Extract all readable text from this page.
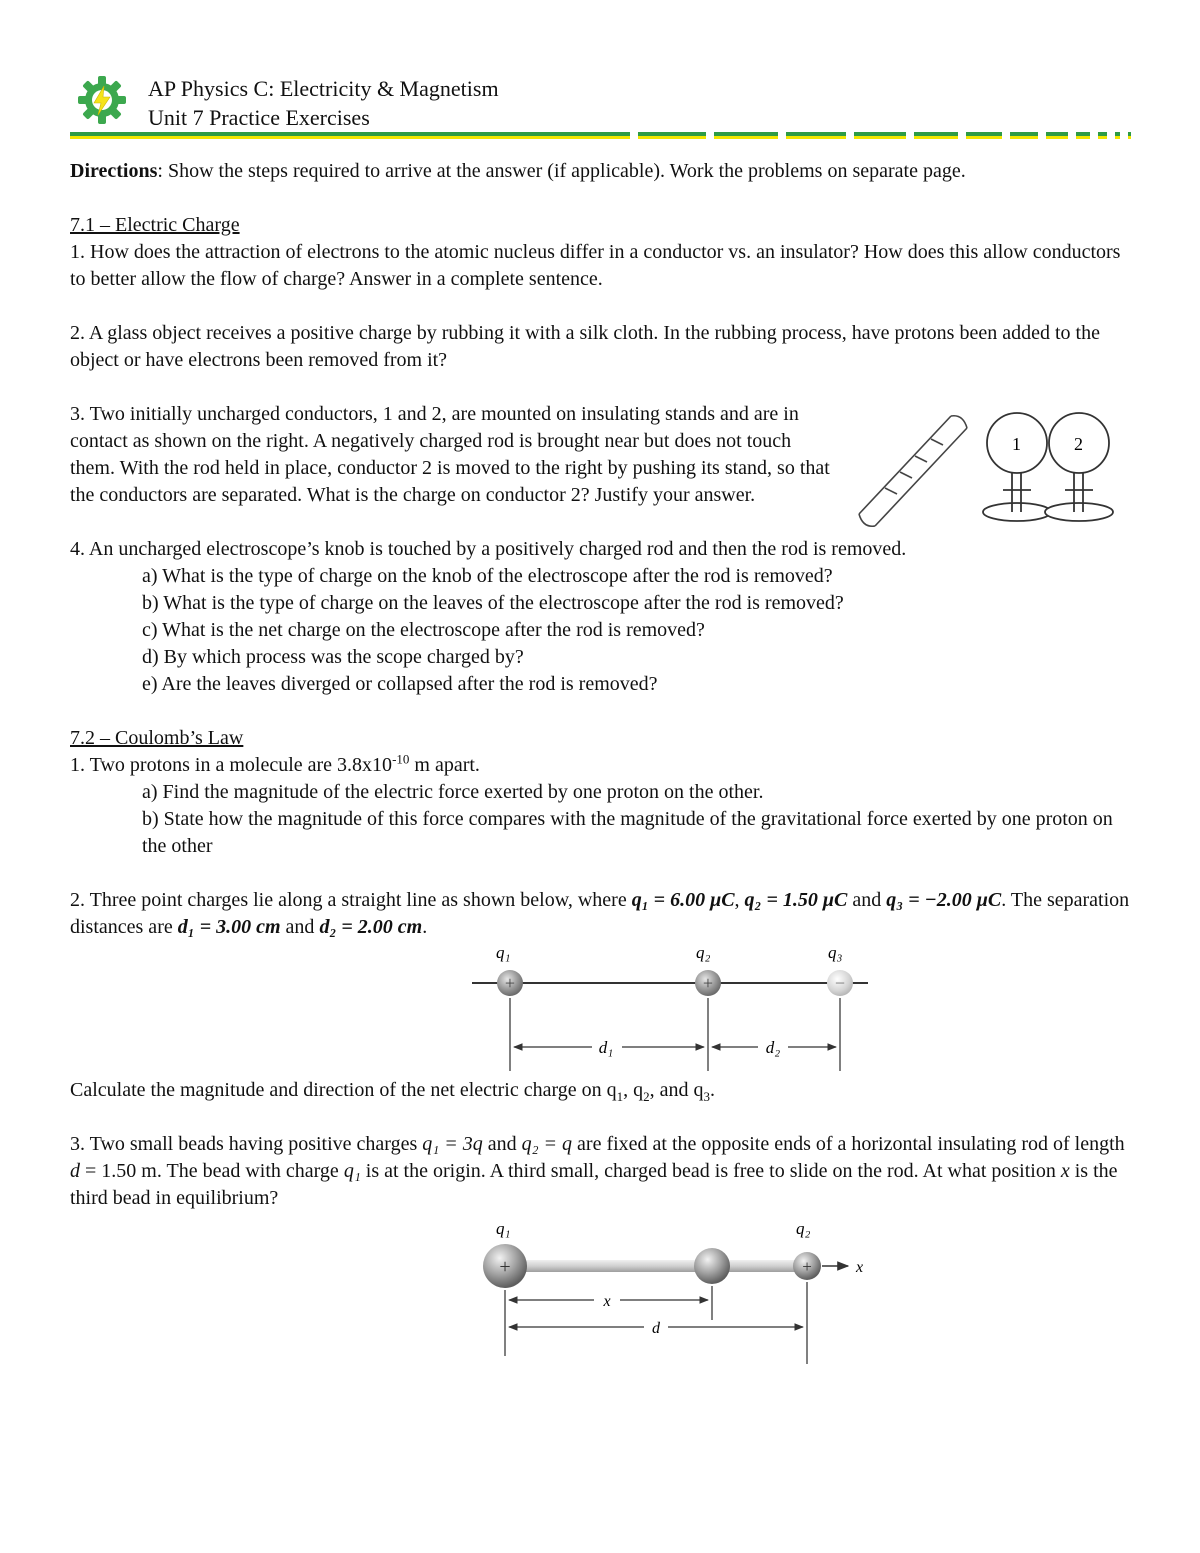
AP Physics C: Electricity & Magnetism
Unit 7 Practice Exercises

Directions: Show the steps required to arrive at the answer (if applicable). Work the problems on separate page.

7.1 – Electric Charge

1. How does the attraction of electrons to the atomic nucleus differ in a conductor vs. an insulator? How does this allow conductors to better allow the flow of charge? Answer in a complete sentence.

2. A glass object receives a positive charge by rubbing it with a silk cloth. In the rubbing process, have protons been added to the object or have electrons been removed from it?

3. Two initially uncharged conductors, 1 and 2, are mounted on insulating stands and are in contact as shown on the right. A negatively charged rod is brought near but does not touch them. With the rod held in place, conductor 2 is moved to the right by pushing its stand, so that the conductors are separated. What is the charge on conductor 2? Justify your answer.

4. An uncharged electroscope’s knob is touched by a positively charged rod and then the rod is removed.

a) What is the type of charge on the knob of the electroscope after the rod is removed?

b) What is the type of charge on the leaves of the electroscope after the rod is removed?

c) What is the net charge on the electroscope after the rod is removed?

d) By which process was the scope charged by?

e) Are the leaves diverged or collapsed after the rod is removed?

7.2 – Coulomb’s Law

1. Two protons in a molecule are $3.8x10^{-10}$ m apart.

a) Find the magnitude of the electric force exerted by one proton on the other.

b) State how the magnitude of this force compares with the magnitude of the gravitational force exerted by one proton on the other

2. Three point charges lie along a straight line as shown below, where q₁ = 6.00 μC, q₂ = 1.50 μC and q₃ = −2.00 μC. The separation distances are d₁ = 3.00 cm and d₂ = 2.00 cm.

q₁	q₂	q₃
+	+	−
d₁	d₂

Calculate the magnitude and direction of the net electric charge on $q_1$, $q_2$, and $q_3$.

3. Two small beads having positive charges q₁ = 3q and q₂ = q are fixed at the opposite ends of a horizontal insulating rod of length d = 1.50 m. The bead with charge q₁ is at the origin. A third small, charged bead is free to slide on the rod. At what position x is the third bead in equilibrium?

q₁	q₂
x
+	+
x
d
1	2
